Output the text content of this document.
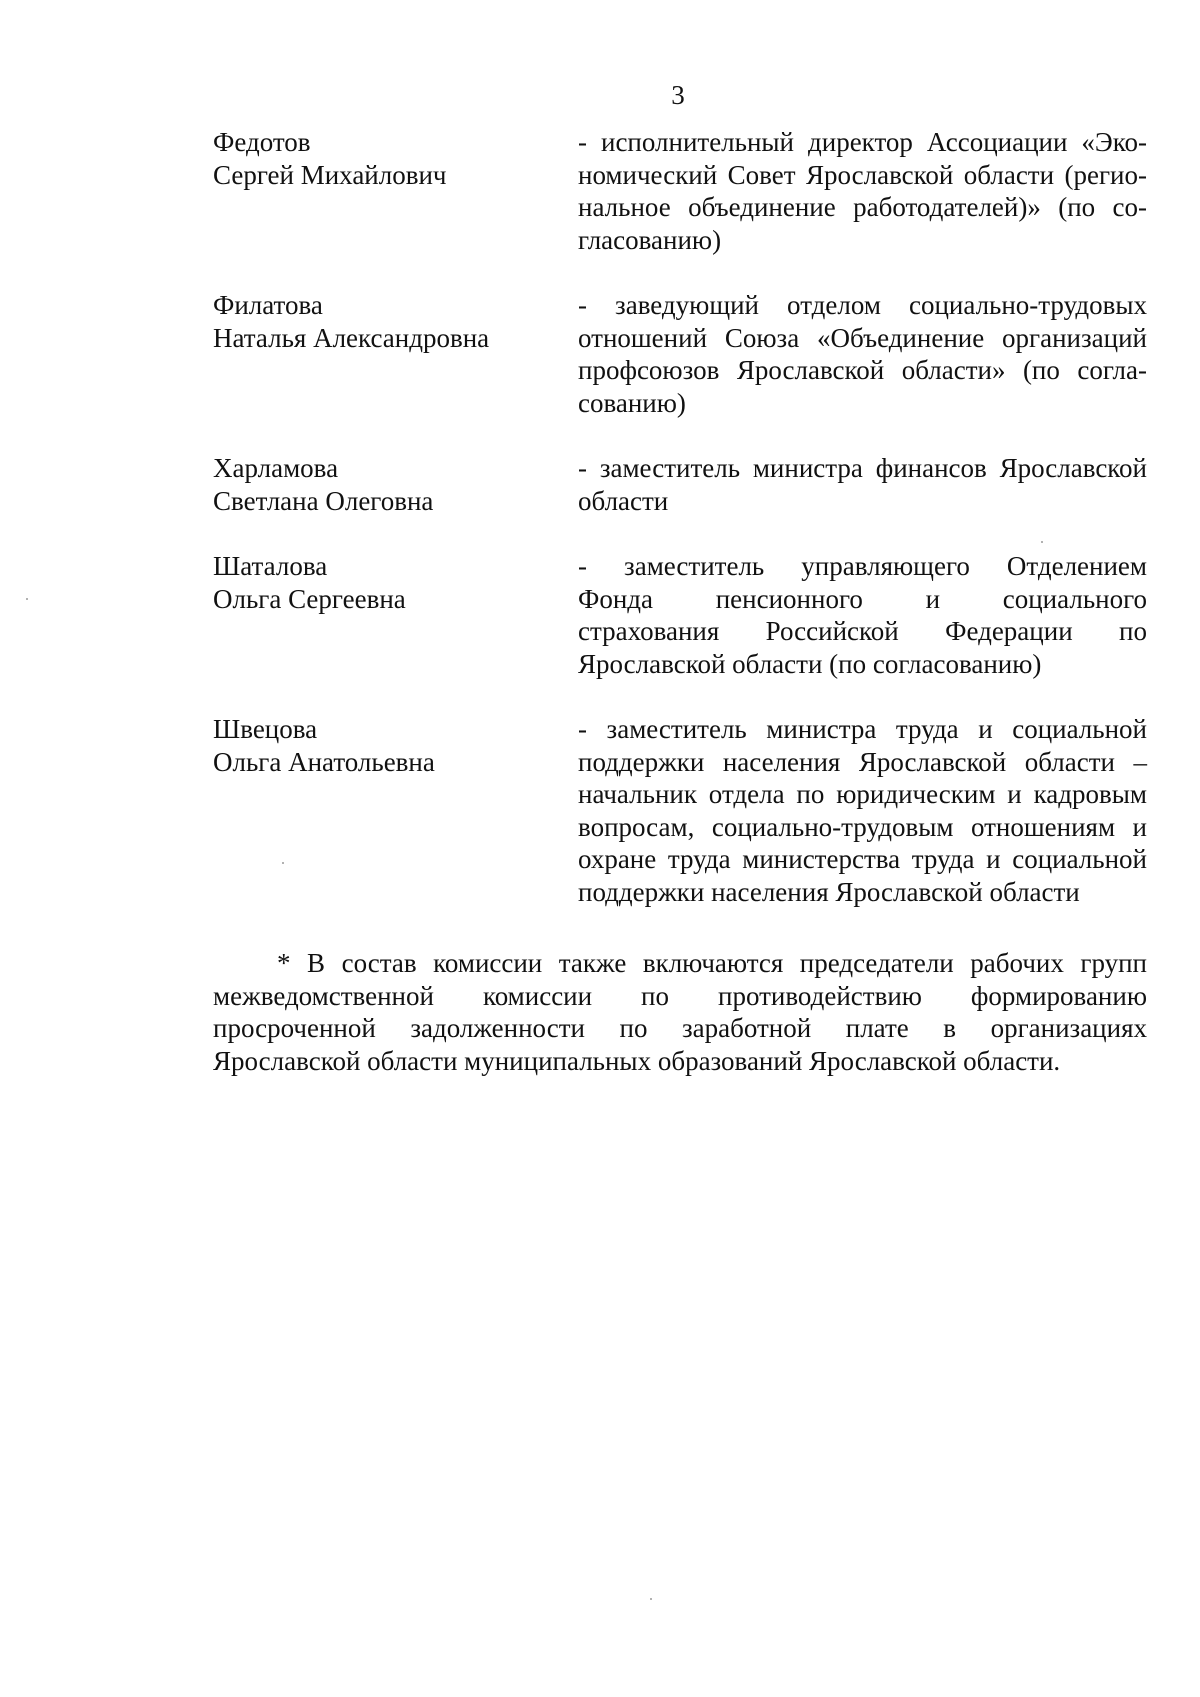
3
Федотов
Сергей Михайлович
- исполнительный директор Ассоциации «Эко-
номический Совет Ярославской области (регио-
нальное объединение работодателей)» (по со-
гласованию)
Филатова
Наталья Александровна
- заведующий отделом социально-трудовых
отношений Союза «Объединение организаций
профсоюзов Ярославской области» (по согла-
сованию)
Харламова
Светлана Олеговна
- заместитель министра финансов Ярославской
области
Шаталова
Ольга Сергеевна
- заместитель управляющего Отделением
Фонда пенсионного и социального
страхования Российской Федерации по
Ярославской области (по согласованию)
Швецова
Ольга Анатольевна
- заместитель министра труда и социальной
поддержки населения Ярославской области –
начальник отдела по юридическим и кадровым
вопросам, социально-трудовым отношениям и
охране труда министерства труда и социальной
поддержки населения Ярославской области
* В состав комиссии также включаются председатели рабочих групп
межведомственной комиссии по противодействию формированию
просроченной задолженности по заработной плате в организациях
Ярославской области муниципальных образований Ярославской области.
